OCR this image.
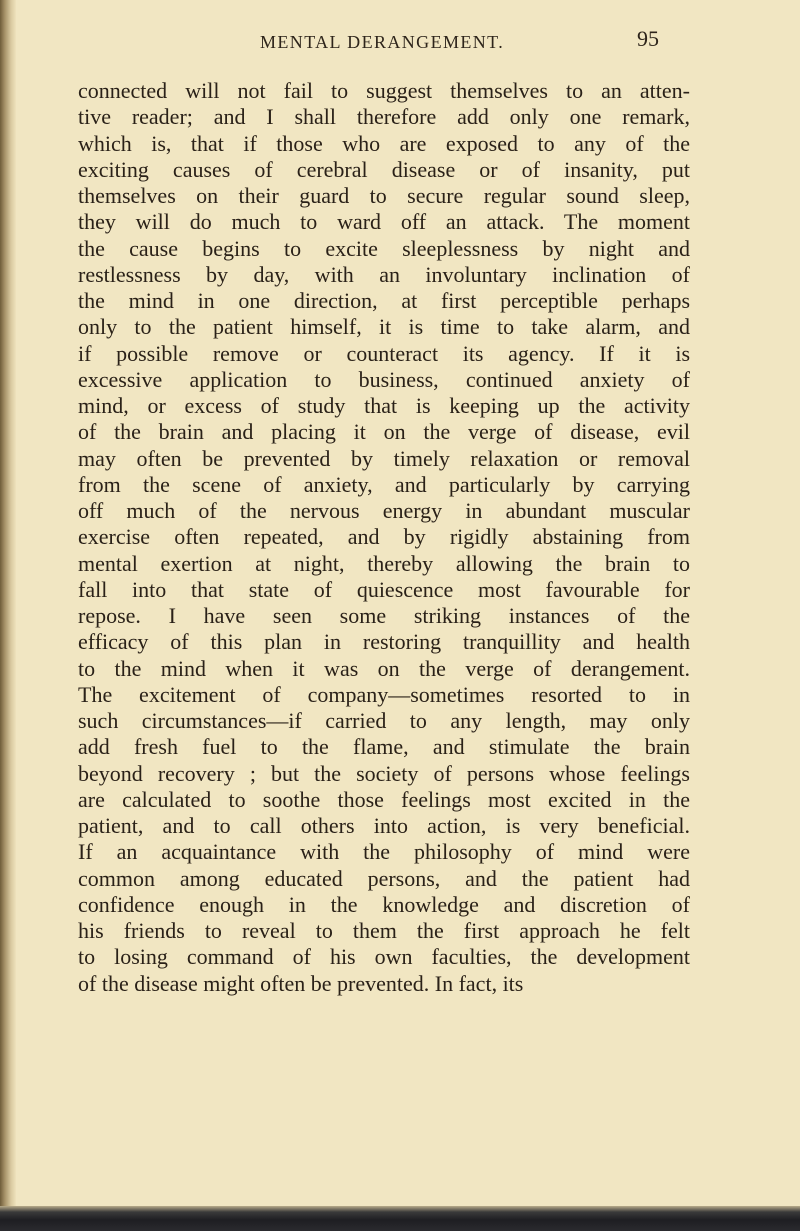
MENTAL DERANGEMENT.	95
connected will not fail to suggest themselves to an atten-
tive reader; and I shall therefore add only one remark,
which is, that if those who are exposed to any of the
exciting causes of cerebral disease or of insanity, put
themselves on their guard to secure regular sound sleep,
they will do much to ward off an attack. The moment
the cause begins to excite sleeplessness by night and
restlessness by day, with an involuntary inclination of
the mind in one direction, at first perceptible perhaps
only to the patient himself, it is time to take alarm, and
if possible remove or counteract its agency. If it is
excessive application to business, continued anxiety of
mind, or excess of study that is keeping up the activity
of the brain and placing it on the verge of disease, evil
may often be prevented by timely relaxation or removal
from the scene of anxiety, and particularly by carrying
off much of the nervous energy in abundant muscular
exercise often repeated, and by rigidly abstaining from
mental exertion at night, thereby allowing the brain to
fall into that state of quiescence most favourable for
repose. I have seen some striking instances of the
efficacy of this plan in restoring tranquillity and health
to the mind when it was on the verge of derangement.
The excitement of company—sometimes resorted to in
such circumstances—if carried to any length, may only
add fresh fuel to the flame, and stimulate the brain
beyond recovery ; but the society of persons whose feelings
are calculated to soothe those feelings most excited in the
patient, and to call others into action, is very beneficial.
If an acquaintance with the philosophy of mind were
common among educated persons, and the patient had
confidence enough in the knowledge and discretion of
his friends to reveal to them the first approach he felt
to losing command of his own faculties, the development
of the disease might often be prevented. In fact, its
